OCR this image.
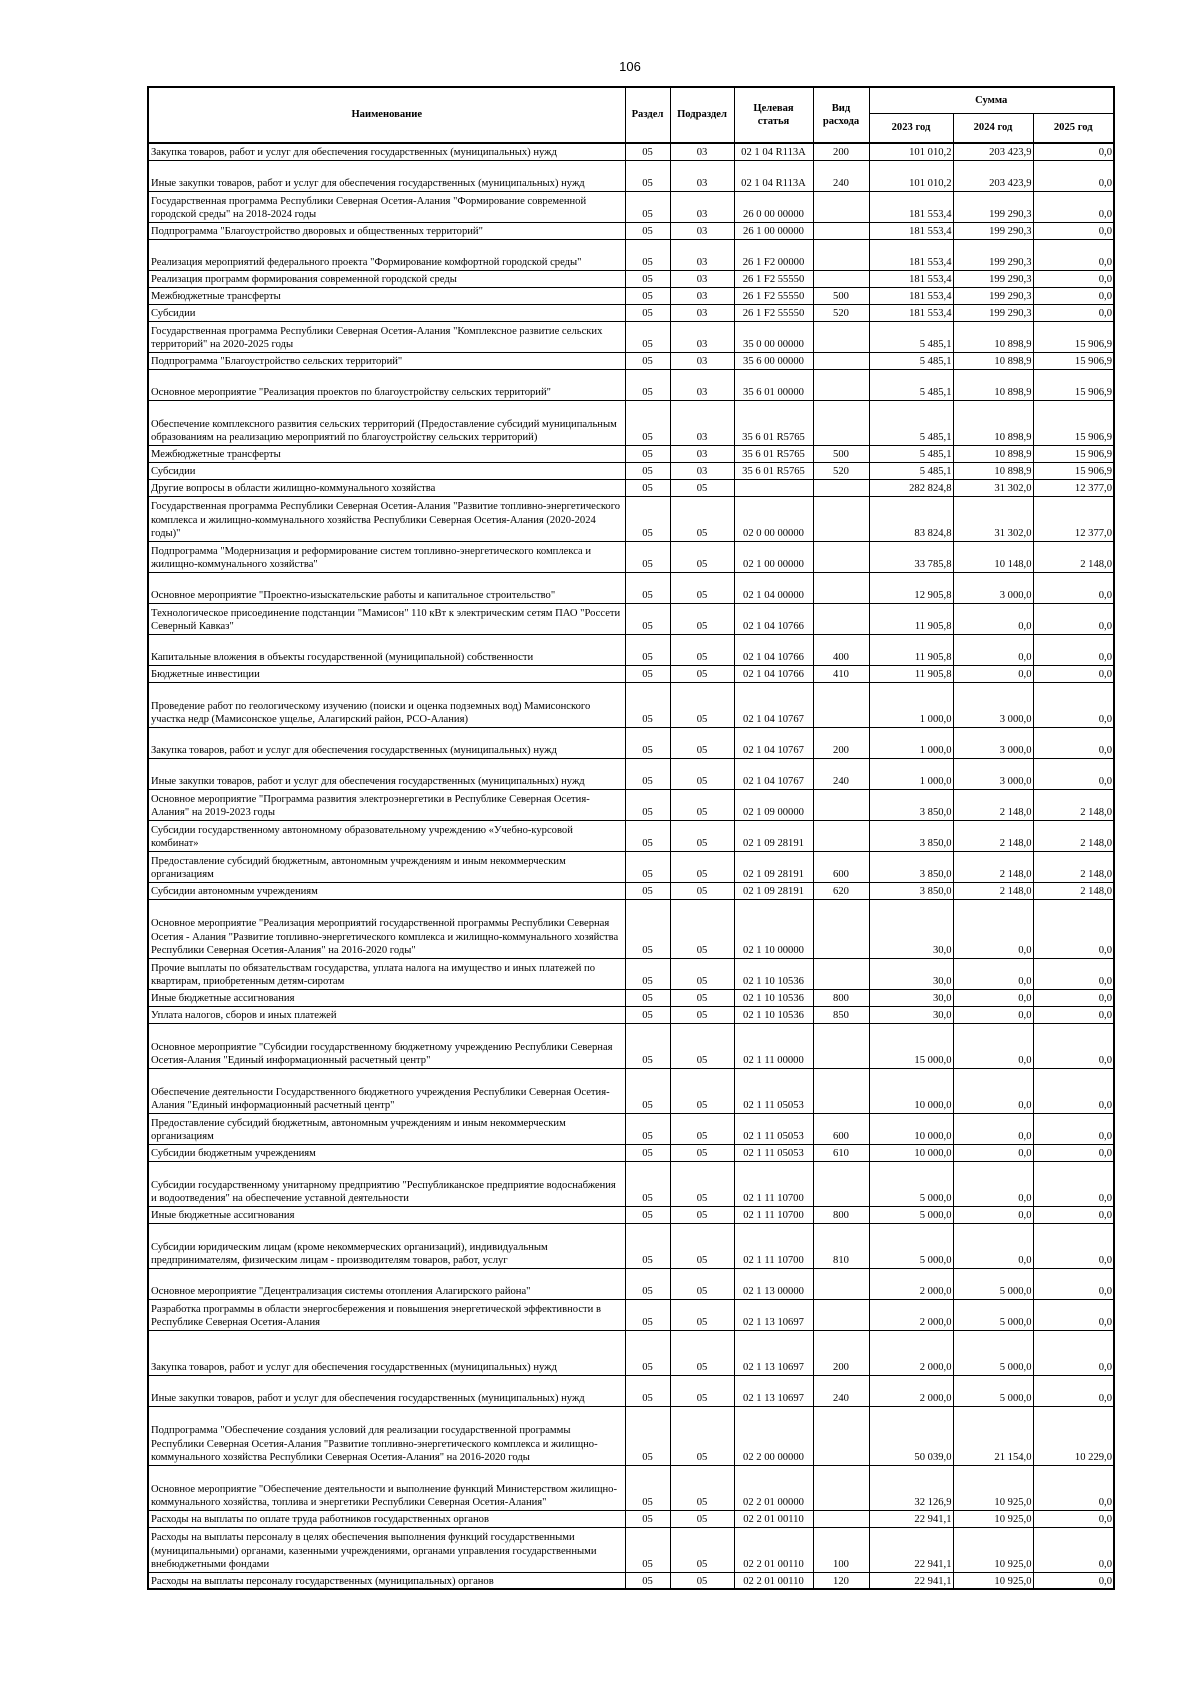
106
Наименование	Раздел	Подраздел	Целевая статья	Вид расхода	Сумма		
					2023 год	2024 год	2025 год
Закупка товаров, работ и услуг для обеспечения государственных (муниципальных) нужд	05	03	02 1 04 R113A	200	101 010,2	203 423,9	0,0
Иные закупки товаров, работ и услуг для обеспечения государственных (муниципальных) нужд	05	03	02 1 04 R113A	240	101 010,2	203 423,9	0,0
Государственная программа Республики Северная Осетия-Алания "Формирование современной городской среды" на 2018-2024 годы	05	03	26 0 00 00000		181 553,4	199 290,3	0,0
Подпрограмма "Благоустройство дворовых и общественных территорий"	05	03	26 1 00 00000		181 553,4	199 290,3	0,0
Реализация мероприятий федерального проекта "Формирование комфортной городской среды"	05	03	26 1 F2 00000		181 553,4	199 290,3	0,0
Реализация программ формирования современной городской среды	05	03	26 1 F2 55550		181 553,4	199 290,3	0,0
Межбюджетные трансферты	05	03	26 1 F2 55550	500	181 553,4	199 290,3	0,0
Субсидии	05	03	26 1 F2 55550	520	181 553,4	199 290,3	0,0
Государственная программа Республики Северная Осетия-Алания "Комплексное развитие сельских территорий" на 2020-2025 годы	05	03	35 0 00 00000		5 485,1	10 898,9	15 906,9
Подпрограмма "Благоустройство сельских территорий"	05	03	35 6 00 00000		5 485,1	10 898,9	15 906,9
Основное мероприятие "Реализация проектов по благоустройству сельских территорий"	05	03	35 6 01 00000		5 485,1	10 898,9	15 906,9
Обеспечение комплексного развития сельских территорий (Предоставление субсидий муниципальным образованиям на реализацию мероприятий по благоустройству сельских территорий)	05	03	35 6 01 R5765		5 485,1	10 898,9	15 906,9
Межбюджетные трансферты	05	03	35 6 01 R5765	500	5 485,1	10 898,9	15 906,9
Субсидии	05	03	35 6 01 R5765	520	5 485,1	10 898,9	15 906,9
Другие вопросы в области жилищно-коммунального хозяйства	05	05			282 824,8	31 302,0	12 377,0
Государственная программа Республики Северная Осетия-Алания "Развитие топливно-энергетического комплекса и жилищно-коммунального хозяйства Республики Северная Осетия-Алания (2020-2024 годы)"	05	05	02 0 00 00000		83 824,8	31 302,0	12 377,0
Подпрограмма "Модернизация и реформирование систем топливно-энергетического комплекса и жилищно-коммунального хозяйства"	05	05	02 1 00 00000		33 785,8	10 148,0	2 148,0
Основное мероприятие "Проектно-изыскательские работы и капитальное строительство"	05	05	02 1 04 00000		12 905,8	3 000,0	0,0
Технологическое присоединение подстанции "Мамисон" 110 кВт к электрическим сетям ПАО "Россети Северный Кавказ"	05	05	02 1 04 10766		11 905,8	0,0	0,0
Капитальные вложения в объекты государственной (муниципальной) собственности	05	05	02 1 04 10766	400	11 905,8	0,0	0,0
Бюджетные инвестиции	05	05	02 1 04 10766	410	11 905,8	0,0	0,0
Проведение работ по геологическому изучению (поиски и оценка подземных вод) Мамисонского участка недр (Мамисонское ущелье, Алагирский район, РСО-Алания)	05	05	02 1 04 10767		1 000,0	3 000,0	0,0
Закупка товаров, работ и услуг для обеспечения государственных (муниципальных) нужд	05	05	02 1 04 10767	200	1 000,0	3 000,0	0,0
Иные закупки товаров, работ и услуг для обеспечения государственных (муниципальных) нужд	05	05	02 1 04 10767	240	1 000,0	3 000,0	0,0
Основное мероприятие "Программа развития электроэнергетики в Республике Северная Осетия-Алания" на 2019-2023 годы	05	05	02 1 09 00000		3 850,0	2 148,0	2 148,0
Субсидии государственному автономному образовательному учреждению «Учебно-курсовой комбинат»	05	05	02 1 09 28191		3 850,0	2 148,0	2 148,0
Предоставление субсидий бюджетным, автономным учреждениям и иным некоммерческим организациям	05	05	02 1 09 28191	600	3 850,0	2 148,0	2 148,0
Субсидии автономным учреждениям	05	05	02 1 09 28191	620	3 850,0	2 148,0	2 148,0
Основное мероприятие "Реализация мероприятий государственной программы Республики Северная Осетия - Алания "Развитие топливно-энергетического комплекса и жилищно-коммунального хозяйства Республики Северная Осетия-Алания" на 2016-2020 годы"	05	05	02 1 10 00000		30,0	0,0	0,0
Прочие выплаты по обязательствам государства, уплата налога на имущество и иных платежей по квартирам, приобретенным детям-сиротам	05	05	02 1 10 10536		30,0	0,0	0,0
Иные бюджетные ассигнования	05	05	02 1 10 10536	800	30,0	0,0	0,0
Уплата налогов, сборов и иных платежей	05	05	02 1 10 10536	850	30,0	0,0	0,0
Основное мероприятие "Субсидии государственному бюджетному учреждению Республики Северная Осетия-Алания "Единый информационный расчетный центр"	05	05	02 1 11 00000		15 000,0	0,0	0,0
Обеспечение деятельности Государственного бюджетного учреждения Республики Северная Осетия-Алания "Единый информационный расчетный центр"	05	05	02 1 11 05053		10 000,0	0,0	0,0
Предоставление субсидий бюджетным, автономным учреждениям и иным некоммерческим организациям	05	05	02 1 11 05053	600	10 000,0	0,0	0,0
Субсидии бюджетным учреждениям	05	05	02 1 11 05053	610	10 000,0	0,0	0,0
Субсидии государственному унитарному предприятию "Республиканское предприятие водоснабжения и водоотведения" на обеспечение уставной деятельности	05	05	02 1 11 10700		5 000,0	0,0	0,0
Иные бюджетные ассигнования	05	05	02 1 11 10700	800	5 000,0	0,0	0,0
Субсидии юридическим лицам (кроме некоммерческих организаций), индивидуальным предпринимателям, физическим лицам - производителям товаров, работ, услуг	05	05	02 1 11 10700	810	5 000,0	0,0	0,0
Основное мероприятие "Децентрализация системы отопления Алагирского района"	05	05	02 1 13 00000		2 000,0	5 000,0	0,0
Разработка программы в области энергосбережения и повышения энергетической эффективности в Республике Северная Осетия-Алания	05	05	02 1 13 10697		2 000,0	5 000,0	0,0
Закупка товаров, работ и услуг для обеспечения государственных (муниципальных) нужд	05	05	02 1 13 10697	200	2 000,0	5 000,0	0,0
Иные закупки товаров, работ и услуг для обеспечения государственных (муниципальных) нужд	05	05	02 1 13 10697	240	2 000,0	5 000,0	0,0
Подпрограмма "Обеспечение создания условий для реализации государственной программы Республики Северная Осетия-Алания "Развитие топливно-энергетического комплекса и жилищно-коммунального хозяйства Республики Северная Осетия-Алания" на 2016-2020 годы	05	05	02 2 00 00000		50 039,0	21 154,0	10 229,0
Основное мероприятие "Обеспечение деятельности и выполнение функций Министерством жилищно-коммунального хозяйства, топлива и энергетики Республики Северная Осетия-Алания"	05	05	02 2 01 00000		32 126,9	10 925,0	0,0
Расходы на выплаты по оплате труда работников государственных органов	05	05	02 2 01 00110		22 941,1	10 925,0	0,0
Расходы на выплаты персоналу в целях обеспечения выполнения функций государственными (муниципальными) органами, казенными учреждениями, органами управления государственными внебюджетными фондами	05	05	02 2 01 00110	100	22 941,1	10 925,0	0,0
Расходы на выплаты персоналу государственных (муниципальных) органов	05	05	02 2 01 00110	120	22 941,1	10 925,0	0,0
